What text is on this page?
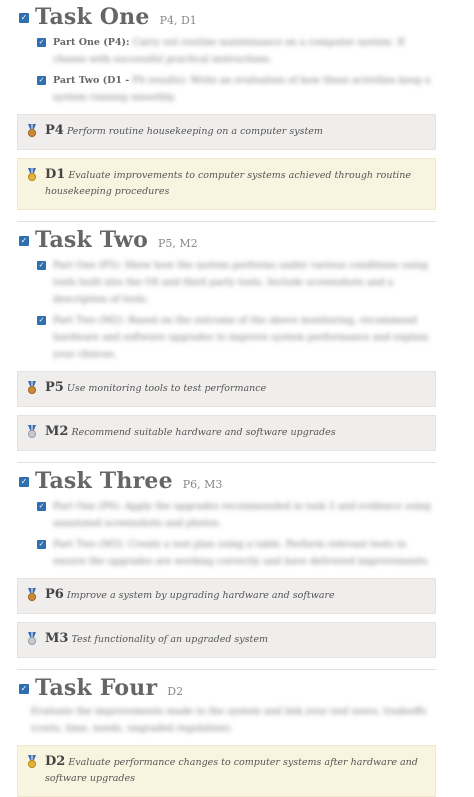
✓ Task One P4, D1
✓ Part One (P4): Carry out routine maintenance on a computer system. If choose with successful practical instructions.
✓ Part Two (D1 - P4 results): Write an evaluation of how these activities keep a system running smoothly.
P4 Perform routine housekeeping on a computer system
D1 Evaluate improvements to computer systems achieved through routine housekeeping procedures
✓ Task Two P5, M2
✓ Part One (P5): Show how the system performs under various conditions using tools built into the OS and third party tools. Include screenshots and a description of tools.
✓ Part Two (M2): Based on the outcome of the above monitoring, recommend hardware and software upgrades to improve system performance and explain your choices.
P5 Use monitoring tools to test performance
M2 Recommend suitable hardware and software upgrades
✓ Task Three P6, M3
✓ Part One (P6): Apply the upgrades recommended in task 2 and evidence using annotated screenshots and photos.
✓ Part Two (M3): Create a test plan using a table. Perform relevant tests to ensure the upgrades are working correctly and have delivered improvements.
P6 Improve a system by upgrading hardware and software
M3 Test functionality of an upgraded system
✓ Task Four D2
Evaluate the improvements made to the system and link your end users, tradeoffs (costs, time, needs, ungraded regulation).
D2 Evaluate performance changes to computer systems after hardware and software upgrades
